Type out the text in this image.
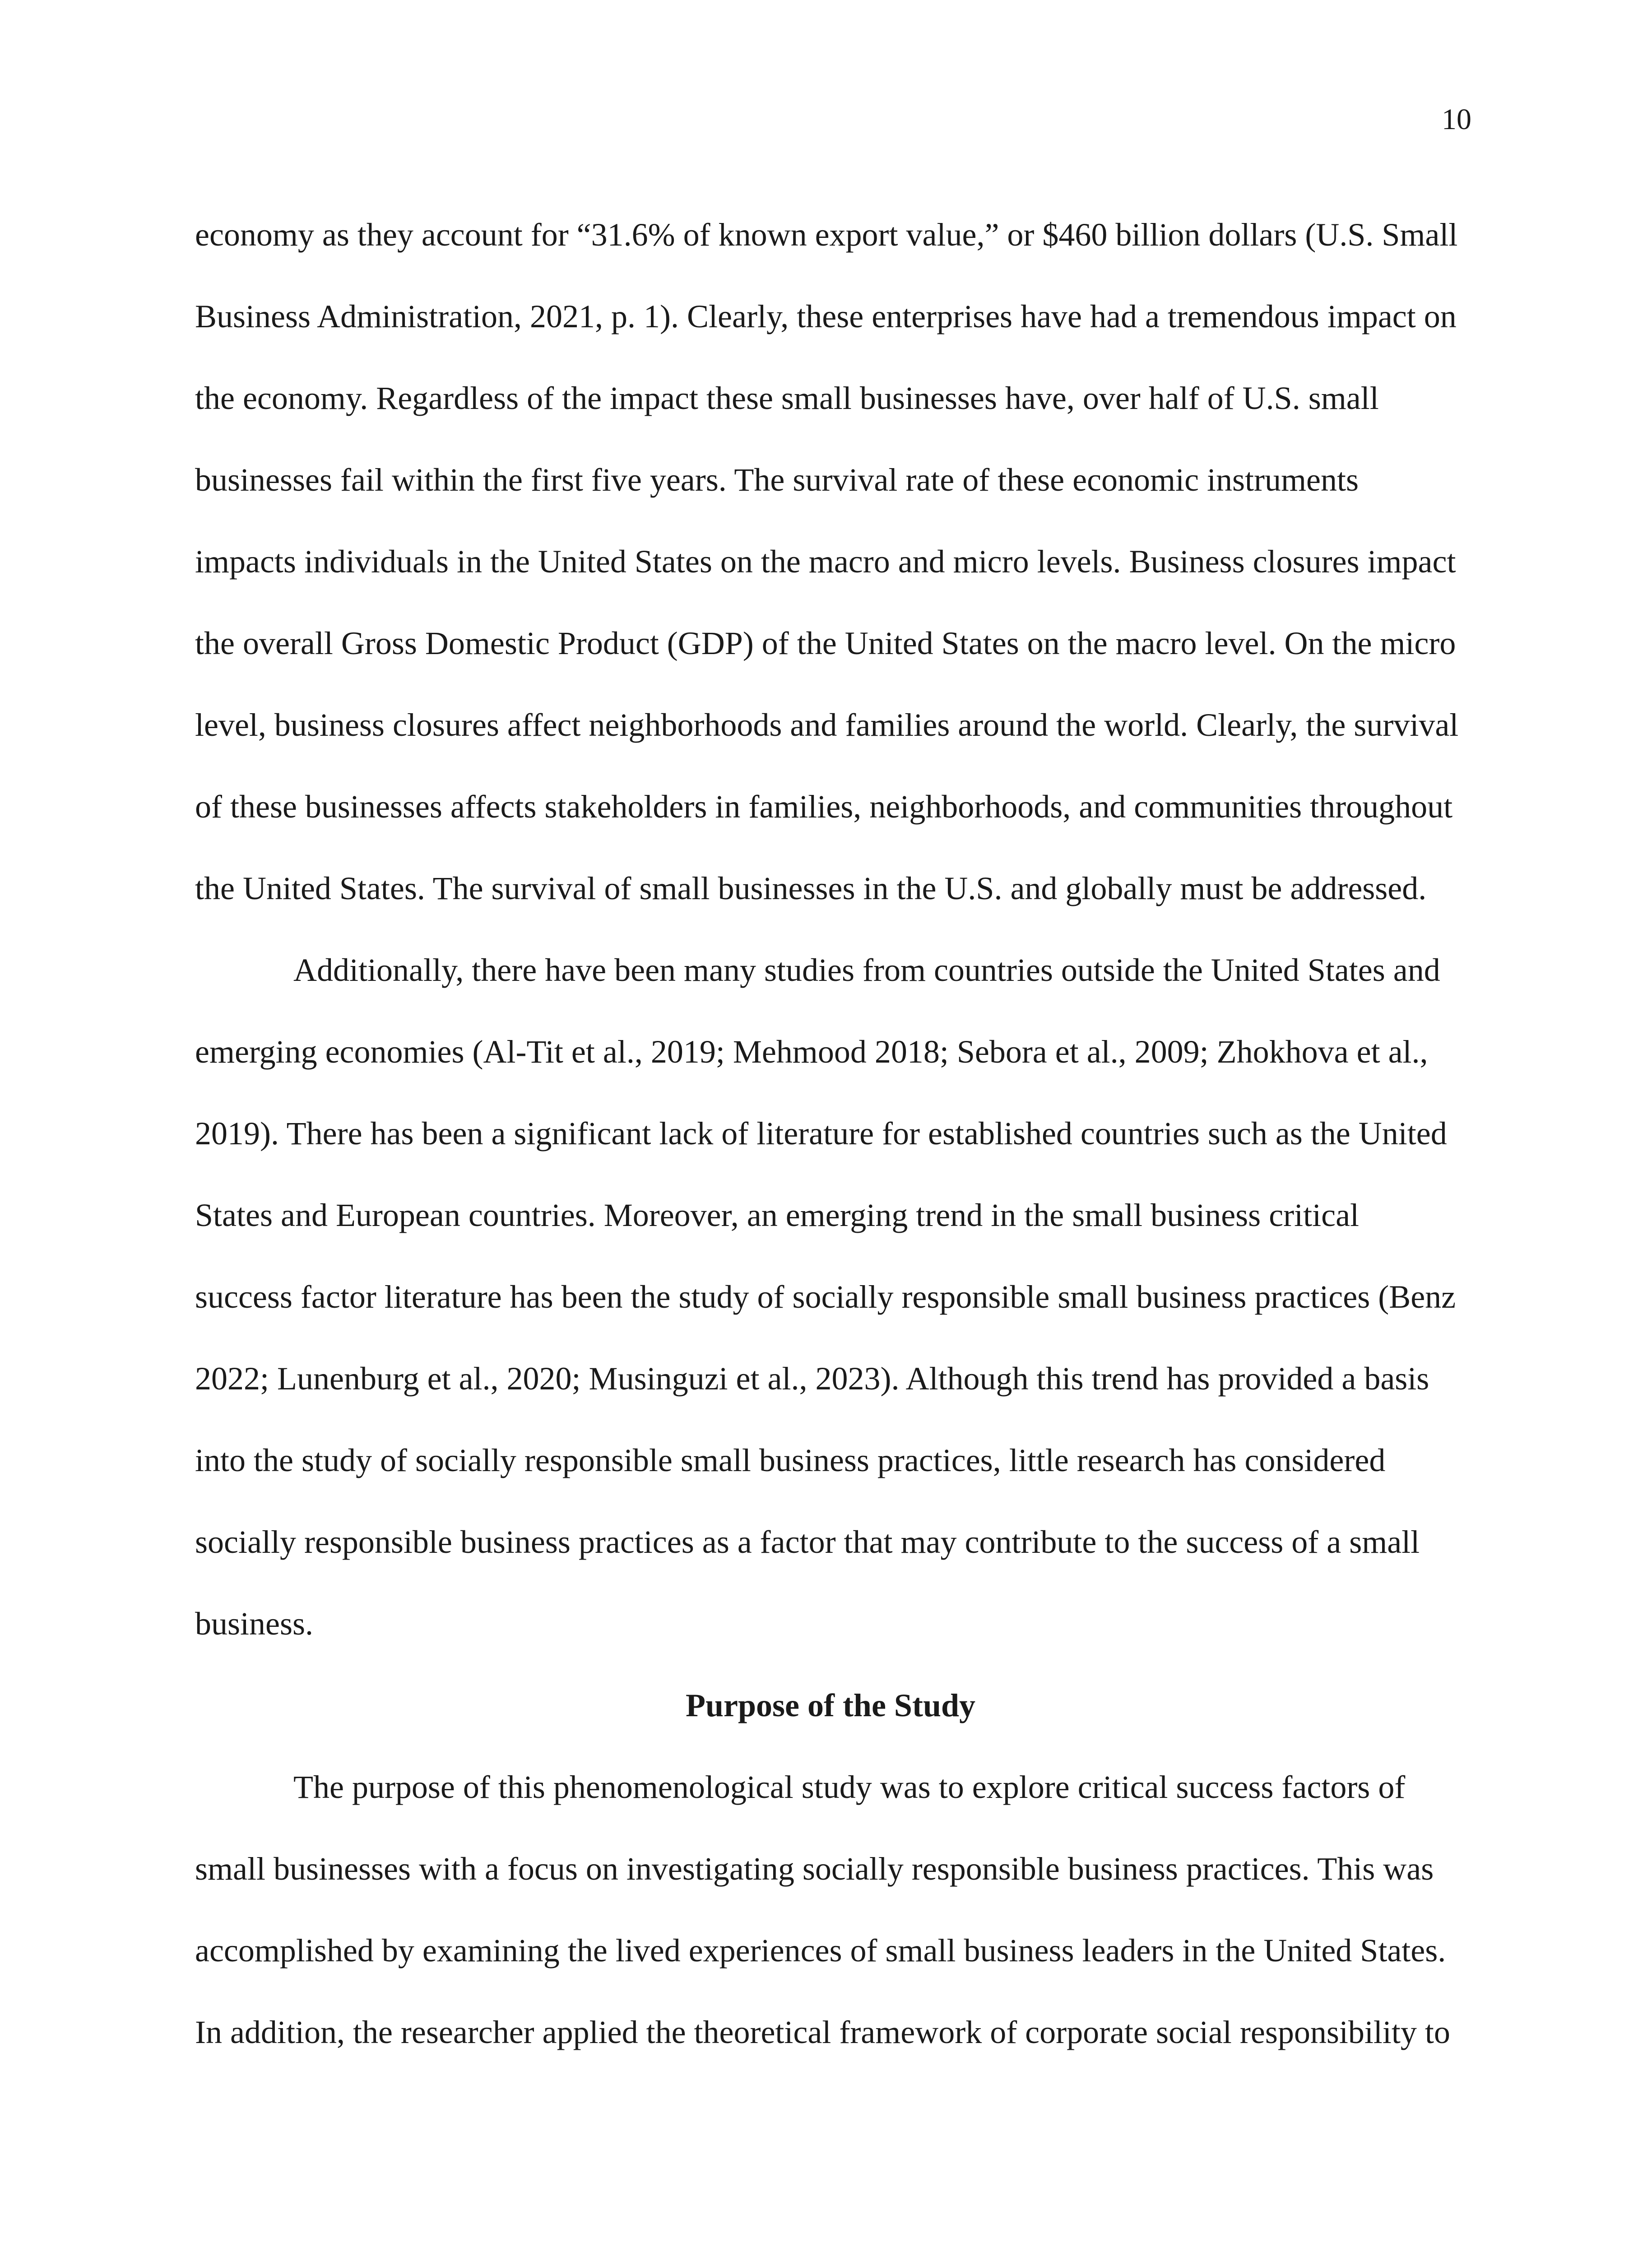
10
economy as they account for “31.6% of known export value,” or $460 billion dollars (U.S. Small
Business Administration, 2021, p. 1). Clearly, these enterprises have had a tremendous impact on
the economy. Regardless of the impact these small businesses have, over half of U.S. small
businesses fail within the first five years. The survival rate of these economic instruments
impacts individuals in the United States on the macro and micro levels. Business closures impact
the overall Gross Domestic Product (GDP) of the United States on the macro level. On the micro
level, business closures affect neighborhoods and families around the world. Clearly, the survival
of these businesses affects stakeholders in families, neighborhoods, and communities throughout
the United States. The survival of small businesses in the U.S. and globally must be addressed.
Additionally, there have been many studies from countries outside the United States and
emerging economies (Al-Tit et al., 2019; Mehmood 2018; Sebora et al., 2009; Zhokhova et al.,
2019). There has been a significant lack of literature for established countries such as the United
States and European countries. Moreover, an emerging trend in the small business critical
success factor literature has been the study of socially responsible small business practices (Benz
2022; Lunenburg et al., 2020; Musinguzi et al., 2023). Although this trend has provided a basis
into the study of socially responsible small business practices, little research has considered
socially responsible business practices as a factor that may contribute to the success of a small
business.
Purpose of the Study
The purpose of this phenomenological study was to explore critical success factors of
small businesses with a focus on investigating socially responsible business practices. This was
accomplished by examining the lived experiences of small business leaders in the United States.
In addition, the researcher applied the theoretical framework of corporate social responsibility to
